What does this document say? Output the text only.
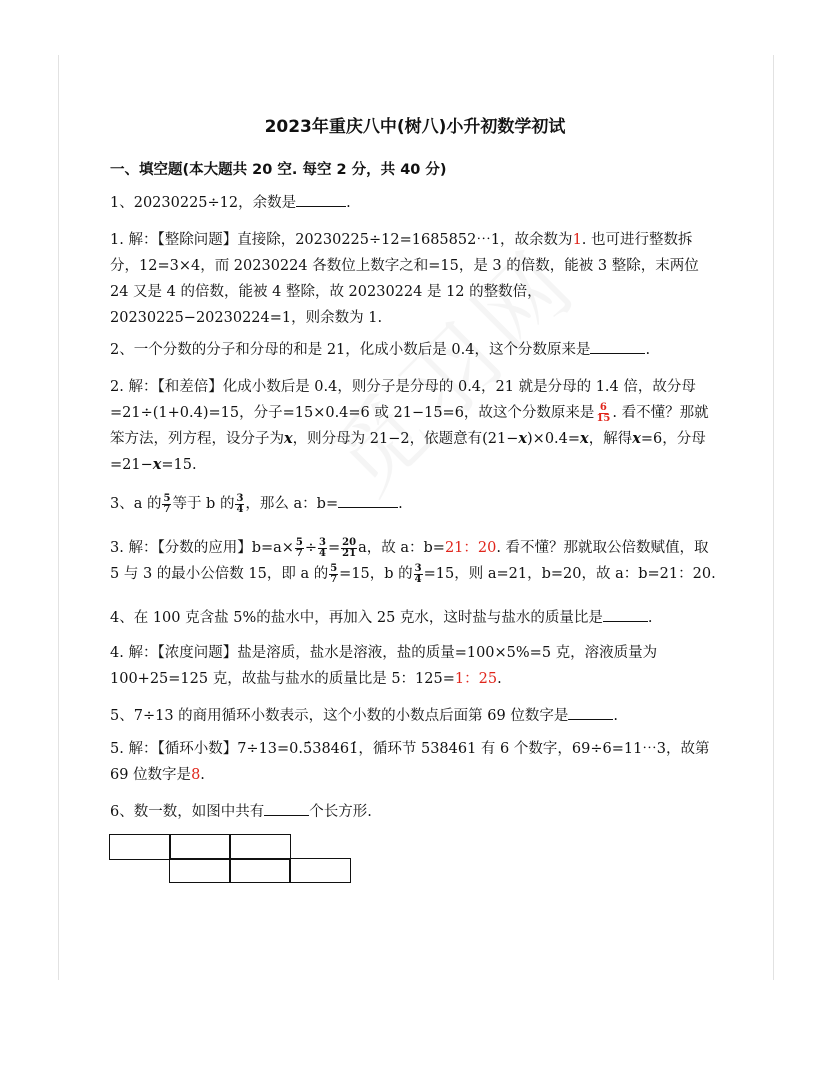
2023年重庆八中(树八)小升初数学初试
一、填空题(本大题共 20 空. 每空 2 分，共 40 分)
1、20230225÷12，余数是	.
1. 解：【整除问题】直接除，20230225÷12=1685852⋯1，故余数为1. 也可进行整数拆分，12=3×4，而 20230224 各数位上数字之和=15，是 3 的倍数，能被 3 整除，末两位 24 又是 4 的倍数，能被 4 整除，故 20230224 是 12 的整数倍，20230225−20230224=1，则余数为 1.
2、一个分数的分子和分母的和是 21，化成小数后是 0.4，这个分数原来是	.
2. 解：【和差倍】化成小数后是 0.4，则分子是分母的 0.4，21 就是分母的 1.4 倍，故分母=21÷(1+0.4)=15，分子=15×0.4=6 或 21−15=6，故这个分数原来是 $\frac{6}{15}$ . 看不懂？那就笨方法，列方程，设分子为x，则分母为 21−2，依题意有(21−x)×0.4=x，解得x=6，分母=21−x=15.
3、a 的 $\frac{5}{7}$ 等于 b 的 $\frac{3}{4}$ ，那么 a：b=	.
3. 解：【分数的应用】$b=a\times \frac{5}{7} \div \frac{3}{4} = \frac{20}{21}$ a，故 a：b=21：20. 看不懂？那就取公倍数赋值，取 5 与 3 的最小公倍数 15，即 a 的 $\frac{5}{7} =15$，b 的 $\frac{3}{4} =15$，则 a=21，b=20，故 a：b=21：20.
4、在 100 克含盐 5%的盐水中，再加入 25 克水，这时盐与盐水的质量比是	.
4. 解：【浓度问题】盐是溶质，盐水是溶液，盐的质量=100×5%=5 克，溶液质量为 100+25=125 克，故盐与盐水的质量比是 5：125=1：25.
5、7÷13 的商用循环小数表示，这个小数的小数点后面第 69 位数字是	.
5. 解：【循环小数】7÷13=0.5̇38461̇，循环节 538461 有 6 个数字，69÷6=11⋯3，故第 69 位数字是8.
6、数一数，如图中共有	个长方形.
